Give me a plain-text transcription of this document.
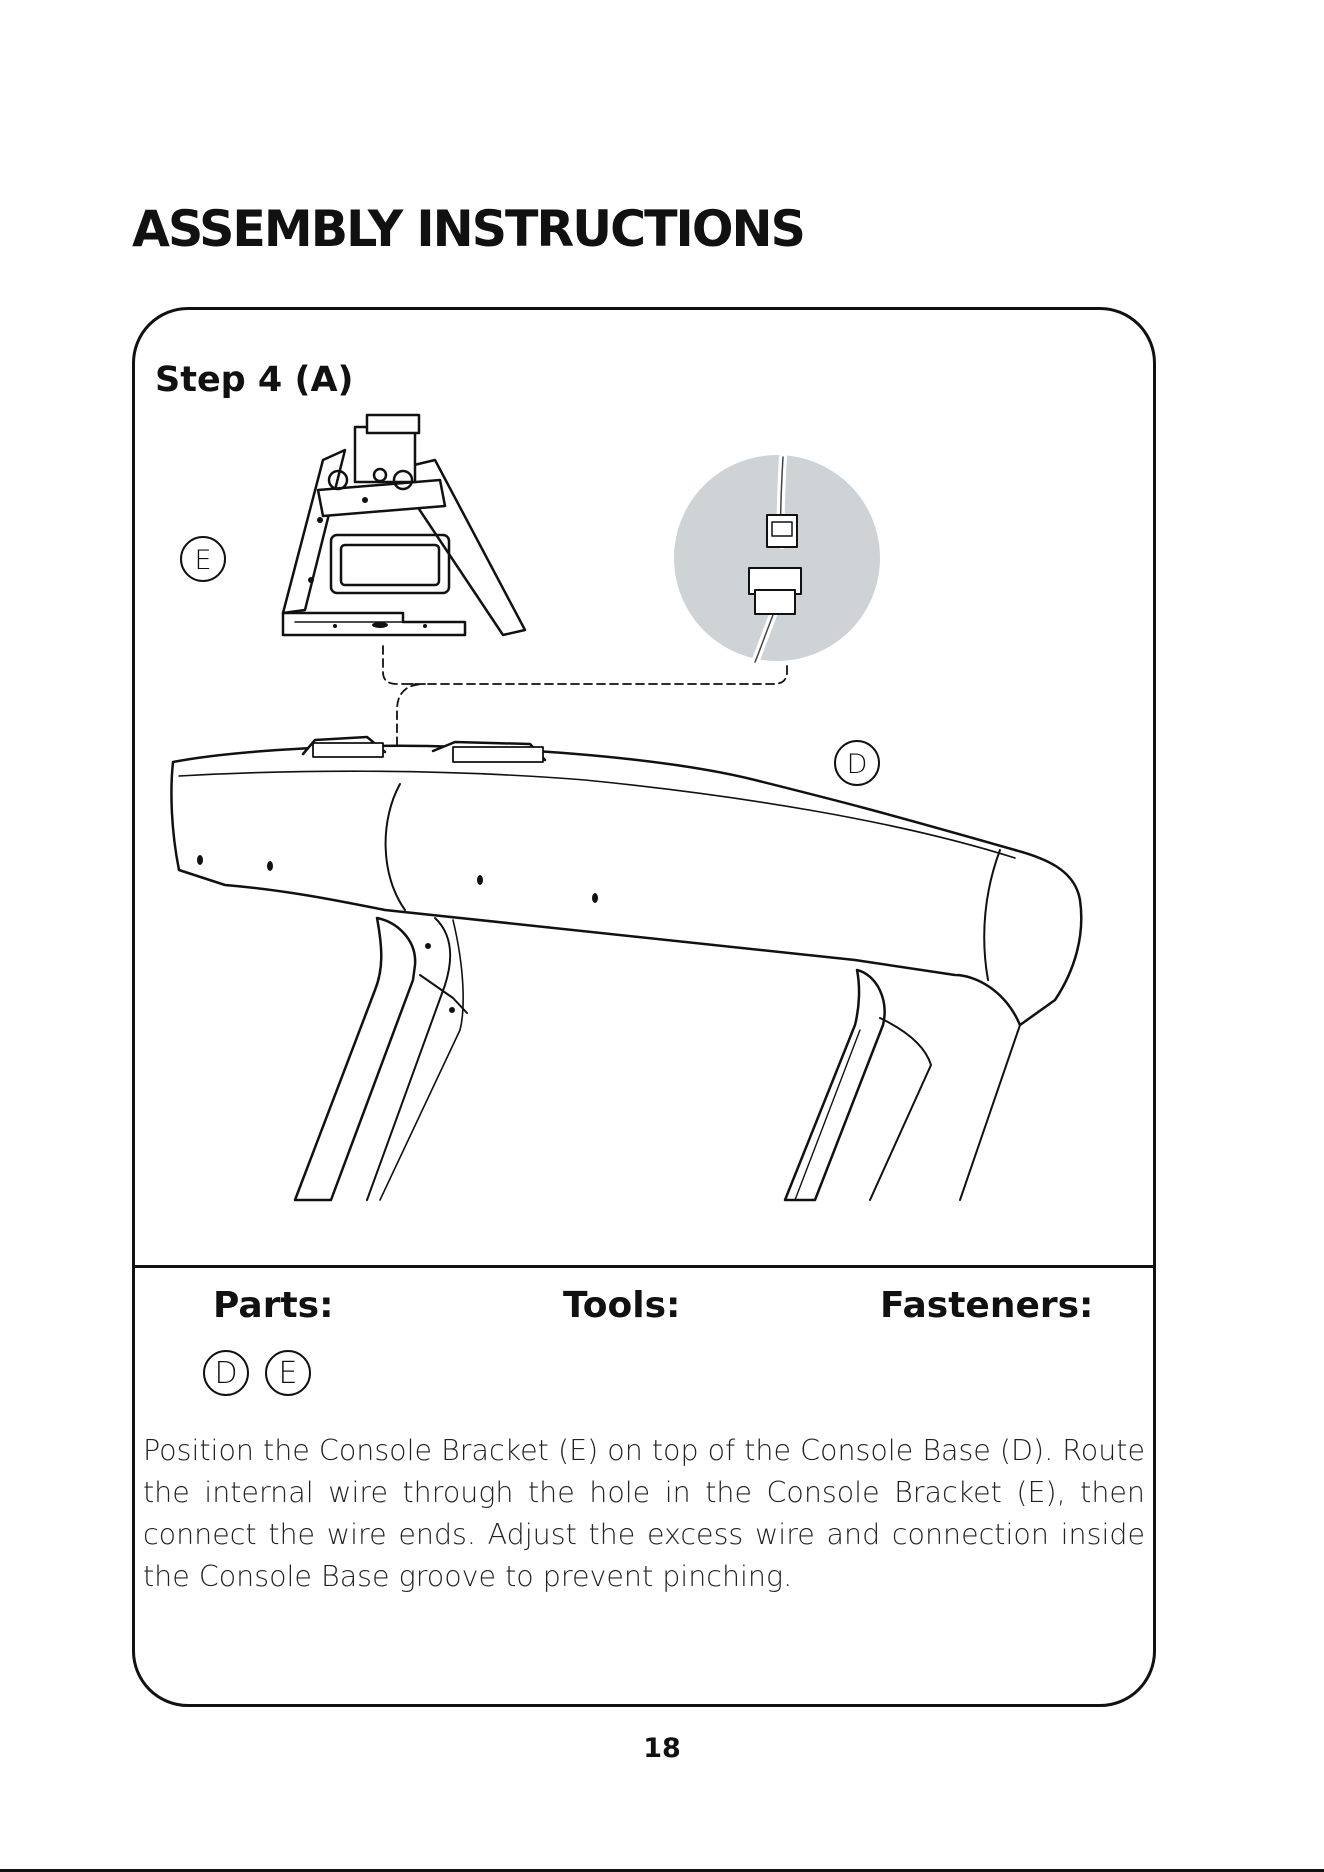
ASSEMBLY INSTRUCTIONS
Step 4 (A)
E
D
Parts:	Tools:	Fasteners:
D	E

Position the Console Bracket (E) on top of the Console Base (D). Route the internal wire through the hole in the Console Bracket (E), then connect the wire ends. Adjust the excess wire and connection inside the Console Base groove to prevent pinching.

18
